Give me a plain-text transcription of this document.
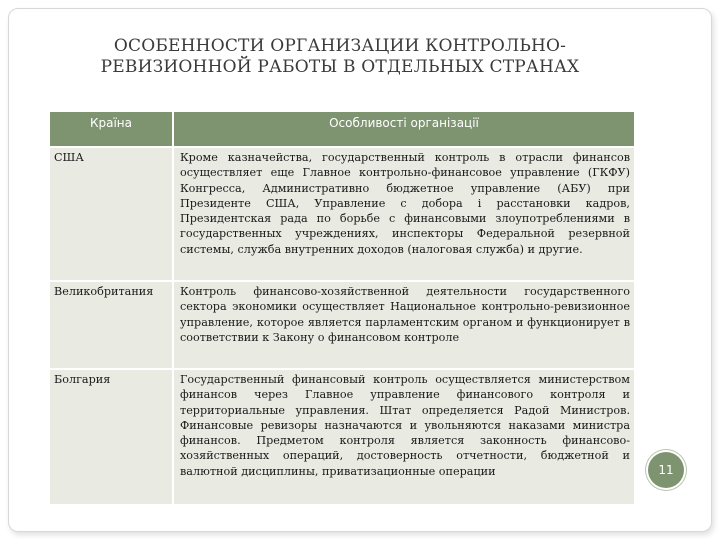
ОСОБЕННОСТИ ОРГАНИЗАЦИИ КОНТРОЛЬНО-РЕВИЗИОННОЙ РАБОТЫ В ОТДЕЛЬНЫХ СТРАНАХ
Країна	Особливості організації
США	Кроме казначейства, государственный контроль в отрасли финансов осуществляет еще Главное контрольно-финансовое управление (ГКФУ) Конгресса, Административно бюджетное управление (АБУ) при Президенте США, Управление с добора і расстановки кадров, Президентская рада по борьбе с финансовыми злоупотреблениями в государственных учреждениях, инспекторы Федеральной резервной системы, служба внутренних доходов (налоговая служба) и другие.
Великобритания	Контроль финансово-хозяйственной деятельности государственного сектора экономики осуществляет Национальное контрольно-ревизионное управление, которое является парламентским органом и функционирует в соответствии к Закону о финансовом контроле
Болгария	Государственный финансовый контроль осуществляется министерством финансов через Главное управление финансового контроля и территориальные управления. Штат определяется Радой Министров. Финансовые ревизоры назначаются и увольняются наказами министра финансов. Предметом контроля является законность финансово-хозяйственных операций, достоверность отчетности, бюджетной и валютной дисциплины, приватизационные операции	11
